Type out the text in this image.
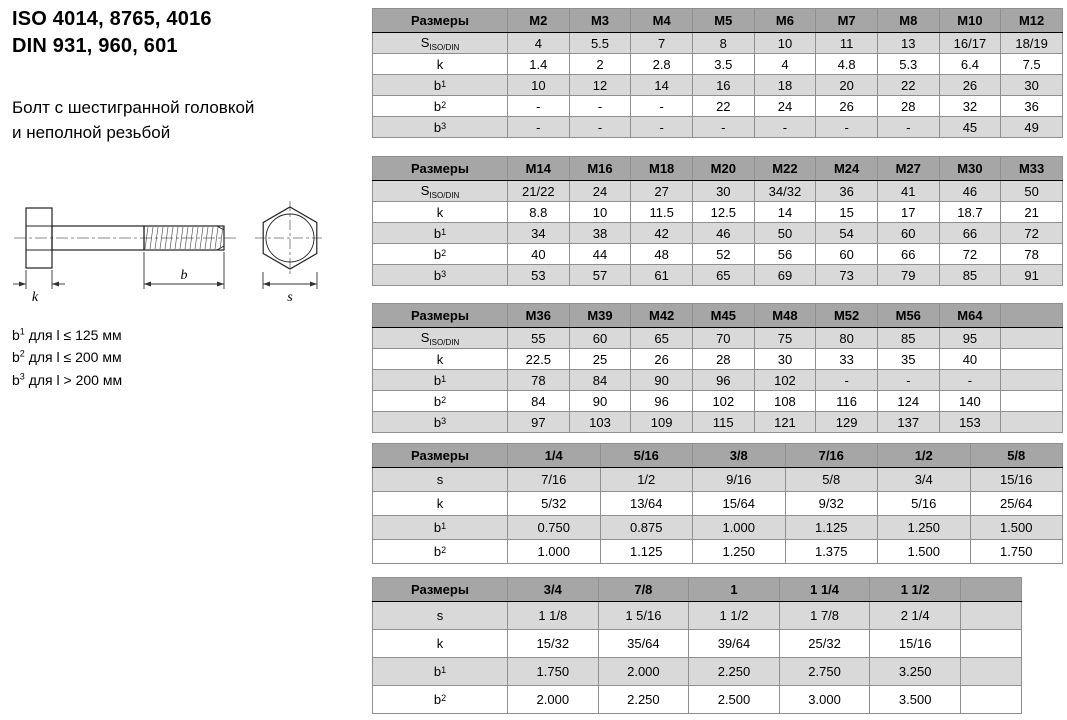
ISO 4014, 8765, 4016
DIN 931, 960, 601
Болт с шестигранной головкой
и неполной резьбой
k
b
s
$b^1$ для l ≤ 125 мм
$b^2$ для l ≤ 200 мм
$b^3$ для l > 200 мм
Размеры	M2	M3	M4	M5	M6	M7	M8	M10	M12
$S_{ISO/DIN}$	4	5.5	7	8	10	11	13	16/17	18/19
k	1.4	2	2.8	3.5	4	4.8	5.3	6.4	7.5
$b^1$	10	12	14	16	18	20	22	26	30
$b^2$	-	-	-	22	24	26	28	32	36
$b^3$	-	-	-	-	-	-	-	45	49
Размеры	M14	M16	M18	M20	M22	M24	M27	M30	M33
$S_{ISO/DIN}$	21/22	24	27	30	34/32	36	41	46	50
k	8.8	10	11.5	12.5	14	15	17	18.7	21
$b^1$	34	38	42	46	50	54	60	66	72
$b^2$	40	44	48	52	56	60	66	72	78
$b^3$	53	57	61	65	69	73	79	85	91
Размеры	M36	M39	M42	M45	M48	M52	M56	M64	
$S_{ISO/DIN}$	55	60	65	70	75	80	85	95	
k	22.5	25	26	28	30	33	35	40	
$b^1$	78	84	90	96	102	-	-	-	
$b^2$	84	90	96	102	108	116	124	140	
$b^3$	97	103	109	115	121	129	137	153	
Размеры	1/4	5/16	3/8	7/16	1/2	5/8
s	7/16	1/2	9/16	5/8	3/4	15/16
k	5/32	13/64	15/64	9/32	5/16	25/64
$b^1$	0.750	0.875	1.000	1.125	1.250	1.500
$b^2$	1.000	1.125	1.250	1.375	1.500	1.750
Размеры	3/4	7/8	1	1 1/4	1 1/2	
s	1 1/8	1 5/16	1 1/2	1 7/8	2 1/4	
k	15/32	35/64	39/64	25/32	15/16	
$b^1$	1.750	2.000	2.250	2.750	3.250	
$b^2$	2.000	2.250	2.500	3.000	3.500	
